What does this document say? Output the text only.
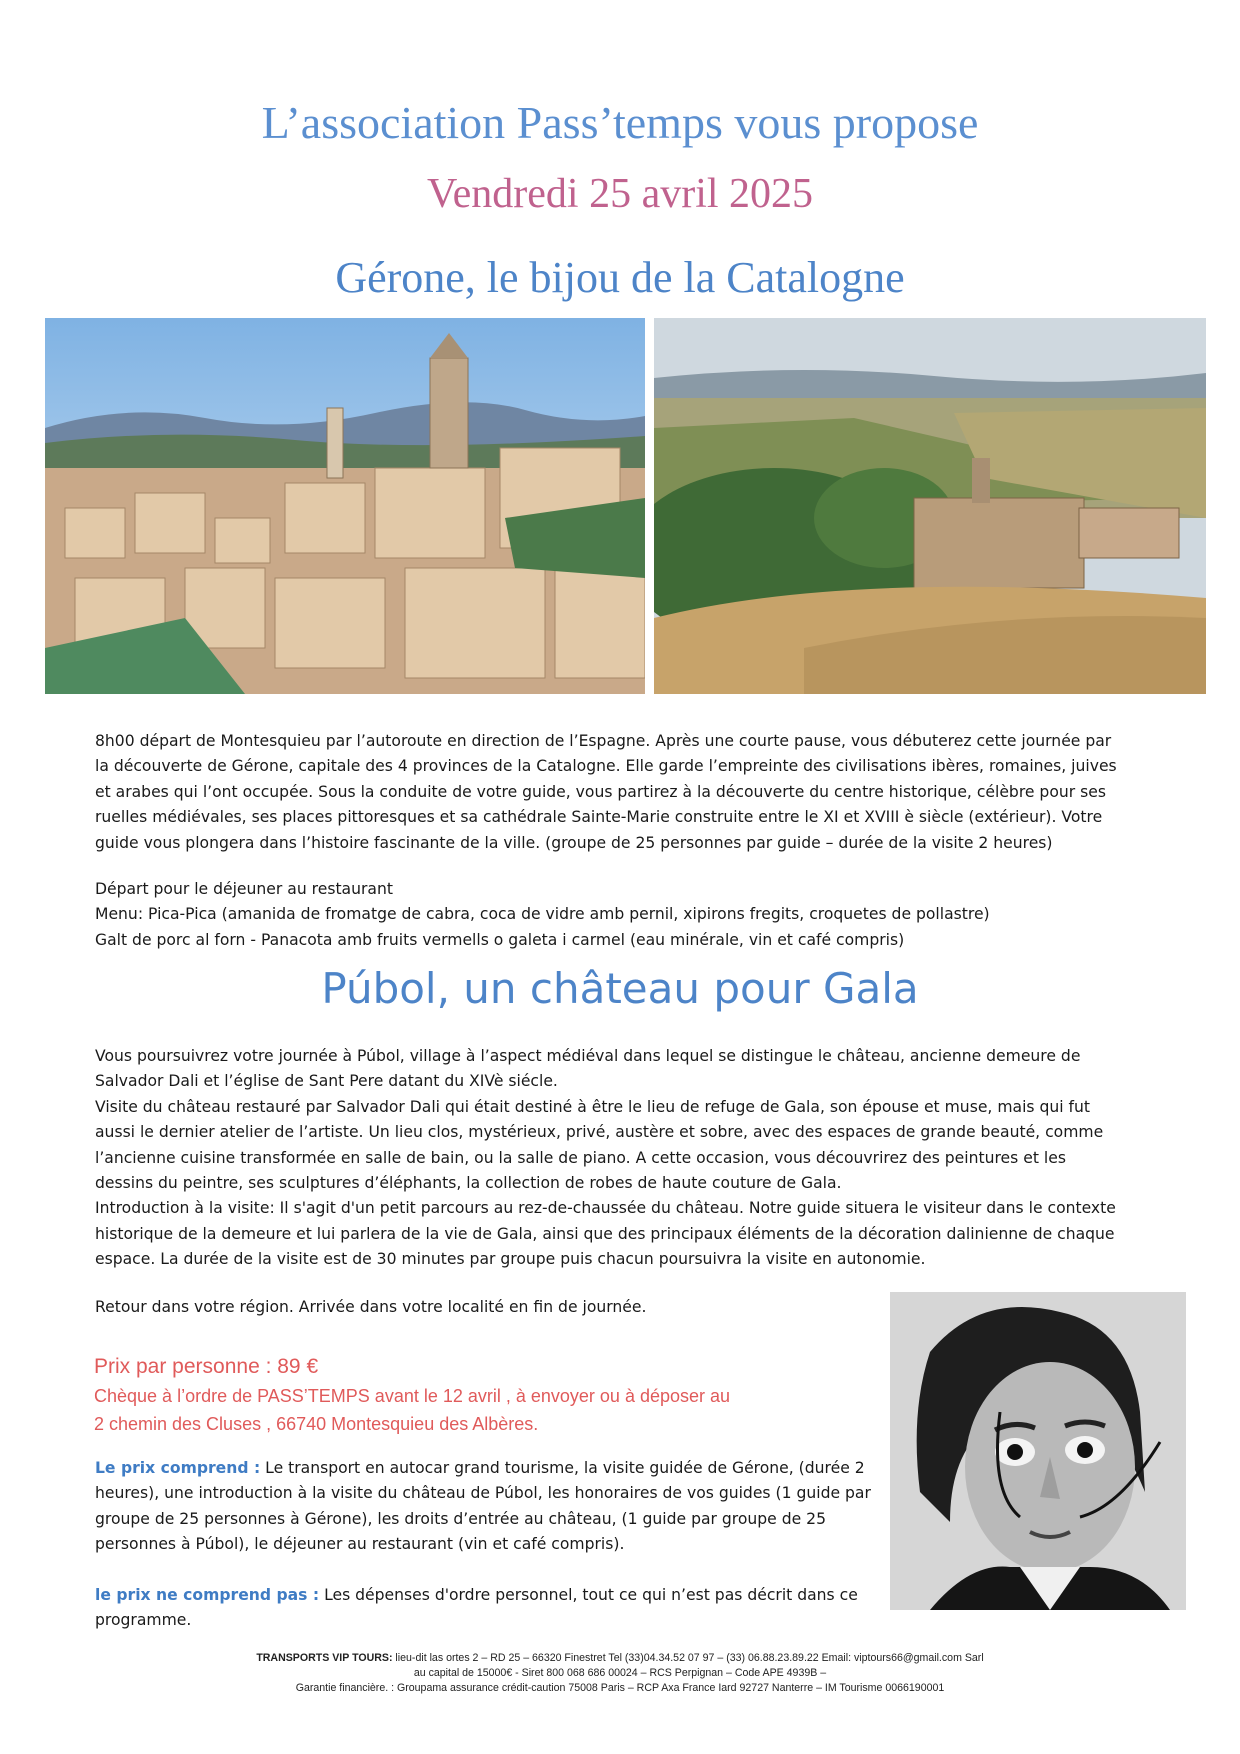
L’association Pass’temps vous propose
Vendredi 25 avril 2025
Gérone, le bijou de la Catalogne

8h00 départ de Montesquieu par l’autoroute en direction de l’Espagne. Après une courte pause, vous débuterez cette journée par la découverte de Gérone, capitale des 4 provinces de la Catalogne. Elle garde l’empreinte des civilisations ibères, romaines, juives et arabes qui l’ont occupée. Sous la conduite de votre guide, vous partirez à la découverte du centre historique, célèbre pour ses ruelles médiévales, ses places pittoresques et sa cathédrale Sainte-Marie construite entre le XI et XVIII è siècle (extérieur). Votre guide vous plongera dans l’histoire fascinante de la ville. (groupe de 25 personnes par guide – durée de la visite 2 heures)

Départ pour le déjeuner au restaurant
Menu: Pica-Pica (amanida de fromatge de cabra, coca de vidre amb pernil, xipirons fregits, croquetes de pollastre)
Galt de porc al forn - Panacota amb fruits vermells o galeta i carmel (eau minérale, vin et café compris)
Púbol, un château pour Gala
Vous poursuivrez votre journée à Púbol, village à l’aspect médiéval dans lequel se distingue le château, ancienne demeure de Salvador Dali et l’église de Sant Pere datant du XIVè siécle.
Visite du château restauré par Salvador Dali qui était destiné à être le lieu de refuge de Gala, son épouse et muse, mais qui fut aussi le dernier atelier de l’artiste. Un lieu clos, mystérieux, privé, austère et sobre, avec des espaces de grande beauté, comme l’ancienne cuisine transformée en salle de bain, ou la salle de piano. A cette occasion, vous découvrirez des peintures et les dessins du peintre, ses sculptures d’éléphants, la collection de robes de haute couture de Gala.
Introduction à la visite: Il s'agit d'un petit parcours au rez-de-chaussée du château. Notre guide situera le visiteur dans le contexte historique de la demeure et lui parlera de la vie de Gala, ainsi que des principaux éléments de la décoration dalinienne de chaque espace. La durée de la visite est de 30 minutes par groupe puis chacun poursuivra la visite en autonomie.

Retour dans votre région. Arrivée dans votre localité en fin de journée.

Prix par personne : 89 €
Chèque à l’ordre de PASS’TEMPS avant le 12 avril , à envoyer ou à déposer au
2 chemin des Cluses , 66740 Montesquieu des Albères.
Le prix comprend : Le transport en autocar grand tourisme, la visite guidée de Gérone, (durée 2 heures), une introduction à la visite du château de Púbol, les honoraires de vos guides (1 guide par groupe de 25 personnes à Gérone), les droits d’entrée au château, (1 guide par groupe de 25 personnes à Púbol), le déjeuner au restaurant (vin et café compris).
le prix ne comprend pas : Les dépenses d'ordre personnel, tout ce qui n’est pas décrit dans ce programme.
TRANSPORTS VIP TOURS: lieu-dit las ortes 2 – RD 25 – 66320 Finestret Tel (33)04.34.52 07 97 – (33) 06.88.23.89.22 Email: viptours66@gmail.com Sarl
au capital de 15000€ - Siret 800 068 686 00024 – RCS Perpignan – Code APE 4939B –
Garantie financière. : Groupama assurance crédit-caution 75008 Paris – RCP Axa France Iard 92727 Nanterre – IM Tourisme 0066190001
